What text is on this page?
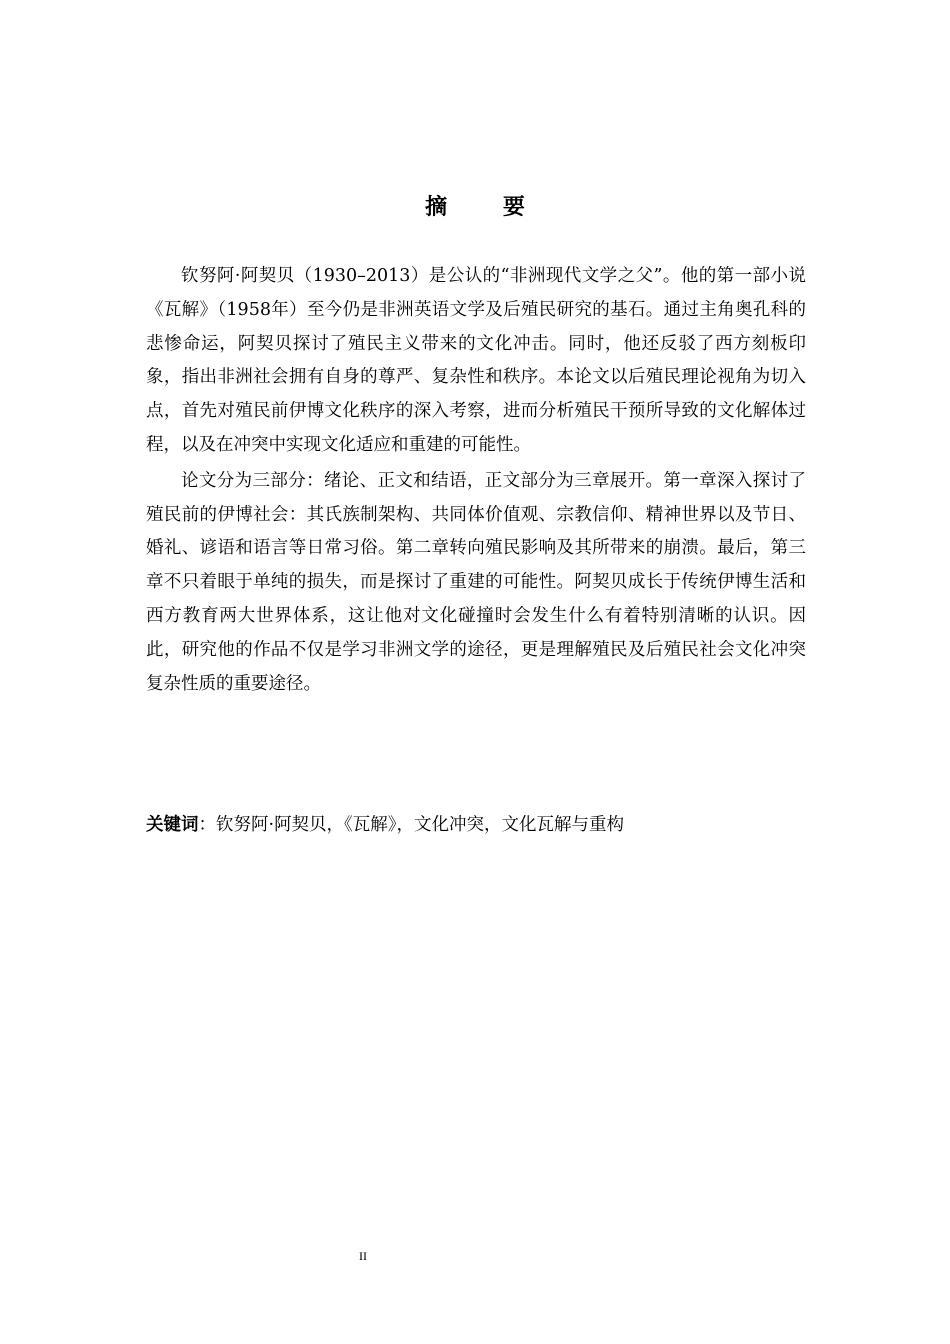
摘 要

钦努阿·阿契贝（1930–2013）是公认的“非洲现代文学之父”。他的第一部小说《瓦解》（1958年）至今仍是非洲英语文学及后殖民研究的基石。通过主角奥孔科的悲惨命运，阿契贝探讨了殖民主义带来的文化冲击。同时，他还反驳了西方刻板印象，指出非洲社会拥有自身的尊严、复杂性和秩序。本论文以后殖民理论视角为切入点，首先对殖民前伊博文化秩序的深入考察，进而分析殖民干预所导致的文化解体过程，以及在冲突中实现文化适应和重建的可能性。

论文分为三部分：绪论、正文和结语，正文部分为三章展开。第一章深入探讨了殖民前的伊博社会：其氏族制架构、共同体价值观、宗教信仰、精神世界以及节日、婚礼、谚语和语言等日常习俗。第二章转向殖民影响及其所带来的崩溃。最后，第三章不只着眼于单纯的损失，而是探讨了重建的可能性。阿契贝成长于传统伊博生活和西方教育两大世界体系，这让他对文化碰撞时会发生什么有着特别清晰的认识。因此，研究他的作品不仅是学习非洲文学的途径，更是理解殖民及后殖民社会文化冲突复杂性质的重要途径。

关键词：钦努阿·阿契贝，《瓦解》，文化冲突，文化瓦解与重构
II
